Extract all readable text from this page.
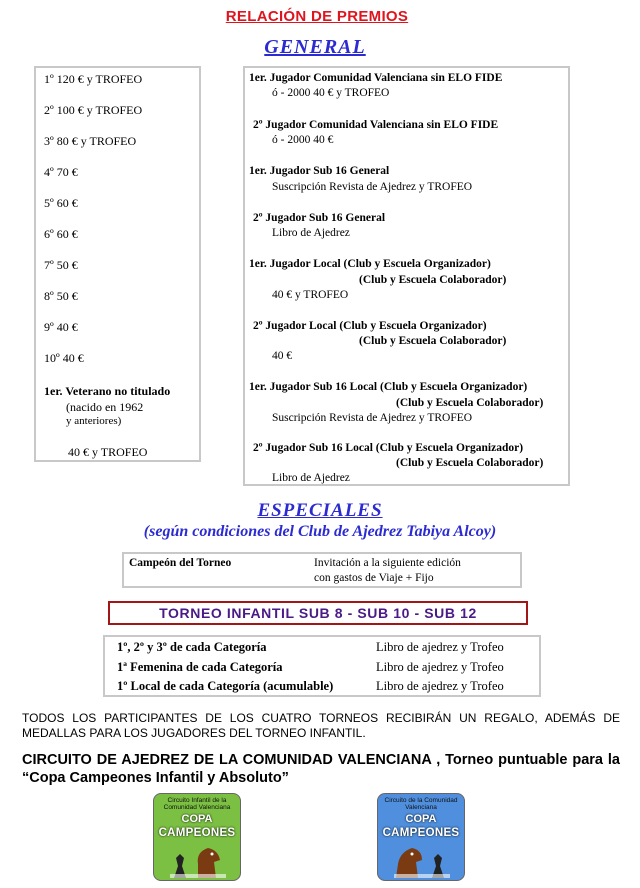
RELACIÓN DE PREMIOS
GENERAL
1º 120 € y TROFEO
2º 100 € y TROFEO
3º 80 € y TROFEO
4º 70 €
5º 60 €
6º 60 €
7º 50 €
8º 50 €
9º 40 €
10º 40 €
1er. Veterano no titulado
(nacido en 1962
y anteriores)
40 € y TROFEO
1er. Jugador Comunidad Valenciana sin ELO FIDE
ó - 2000 40 € y TROFEO
2º Jugador Comunidad Valenciana sin ELO FIDE
ó - 2000 40 €
1er. Jugador Sub 16 General
Suscripción Revista de Ajedrez y TROFEO
2º Jugador Sub 16 General
Libro de Ajedrez
1er. Jugador Local (Club y Escuela Organizador)
(Club y Escuela Colaborador)
40 € y TROFEO
2º Jugador Local (Club y Escuela Organizador)
(Club y Escuela Colaborador)
40 €
1er. Jugador Sub 16 Local (Club y Escuela Organizador)
(Club y Escuela Colaborador)
Suscripción Revista de Ajedrez y TROFEO
2º Jugador Sub 16 Local (Club y Escuela Organizador)
(Club y Escuela Colaborador)
Libro de Ajedrez
ESPECIALES
(según condiciones del Club de Ajedrez Tabiya Alcoy)
Campeón del Torneo	Invitación a la siguiente edición
con gastos de Viaje + Fijo
TORNEO INFANTIL SUB 8 - SUB 10 - SUB 12
1º, 2º y 3º de cada Categoría	Libro de ajedrez y Trofeo
1ª Femenina de cada Categoría	Libro de ajedrez y Trofeo
1º Local de cada Categoría (acumulable)	Libro de ajedrez y Trofeo
TODOS LOS PARTICIPANTES DE LOS CUATRO TORNEOS RECIBIRÁN UN REGALO, ADEMÁS DE MEDALLAS PARA LOS JUGADORES DEL TORNEO INFANTIL.
CIRCUITO DE AJEDREZ DE LA COMUNIDAD VALENCIANA , Torneo puntuable para la “Copa Campeones Infantil y Absoluto”
Circuito Infantil de la Comunidad Valenciana
COPA
CAMPEONES
Circuito de la Comunidad Valenciana
COPA
CAMPEONES
